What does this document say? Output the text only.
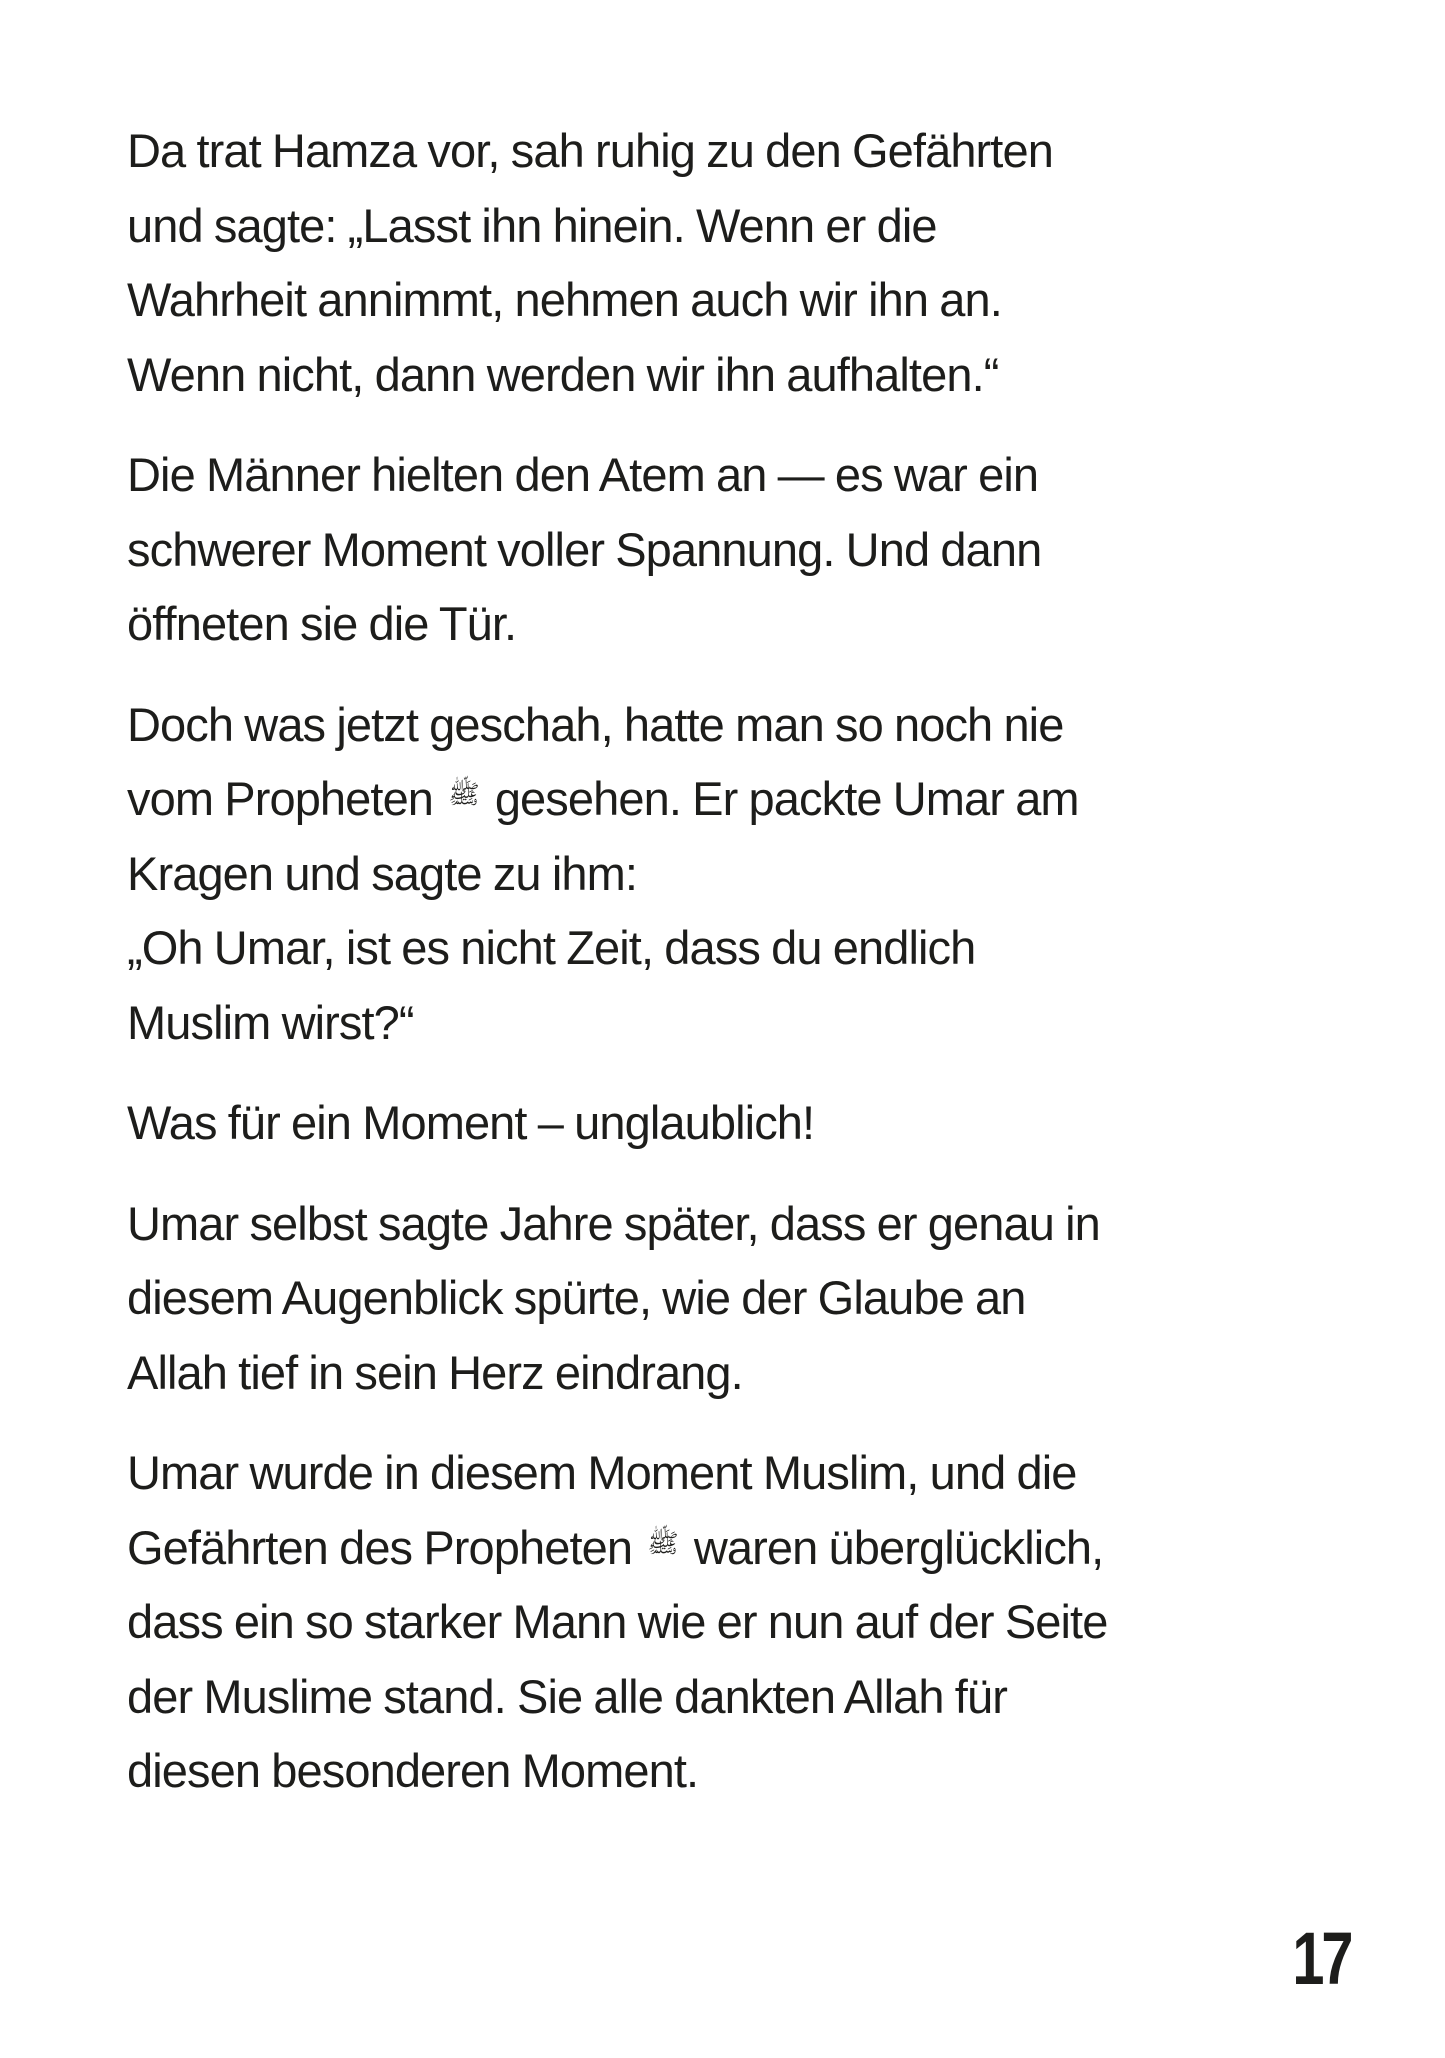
Da trat Hamza vor, sah ruhig zu den Gefährten
und sagte: „Lasst ihn hinein. Wenn er die
Wahrheit annimmt, nehmen auch wir ihn an.
Wenn nicht, dann werden wir ihn aufhalten.“

Die Männer hielten den Atem an — es war ein
schwerer Moment voller Spannung. Und dann
öffneten sie die Tür.

Doch was jetzt geschah, hatte man so noch nie
vom Propheten ﷺ gesehen. Er packte Umar am
Kragen und sagte zu ihm:
„Oh Umar, ist es nicht Zeit, dass du endlich
Muslim wirst?“

Was für ein Moment – unglaublich!

Umar selbst sagte Jahre später, dass er genau in
diesem Augenblick spürte, wie der Glaube an
Allah tief in sein Herz eindrang.

Umar wurde in diesem Moment Muslim, und die
Gefährten des Propheten ﷺ waren überglücklich,
dass ein so starker Mann wie er nun auf der Seite
der Muslime stand. Sie alle dankten Allah für
diesen besonderen Moment.

17
